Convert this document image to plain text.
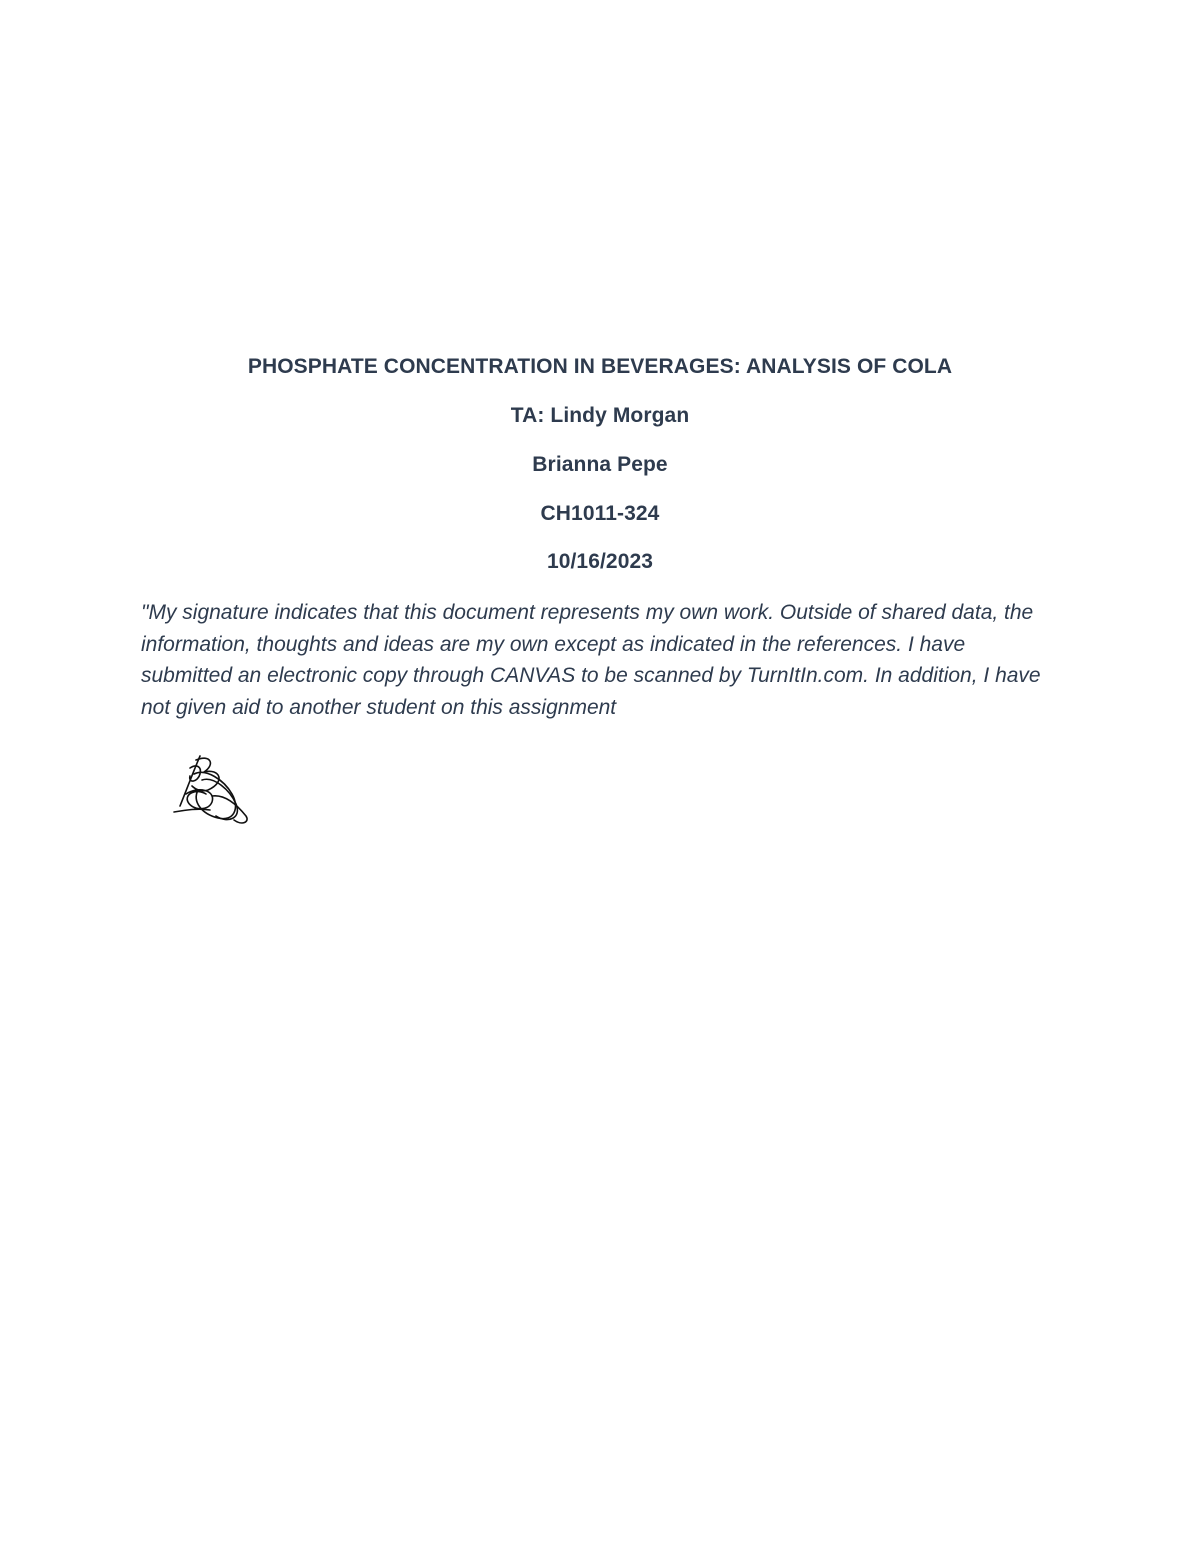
PHOSPHATE CONCENTRATION IN BEVERAGES: ANALYSIS OF COLA
TA: Lindy Morgan
Brianna Pepe
CH1011-324
10/16/2023

"My signature indicates that this document represents my own work. Outside of shared data, the information, thoughts and ideas are my own except as indicated in the references. I have submitted an electronic copy through CANVAS to be scanned by TurnItIn.com. In addition, I have not given aid to another student on this assignment
